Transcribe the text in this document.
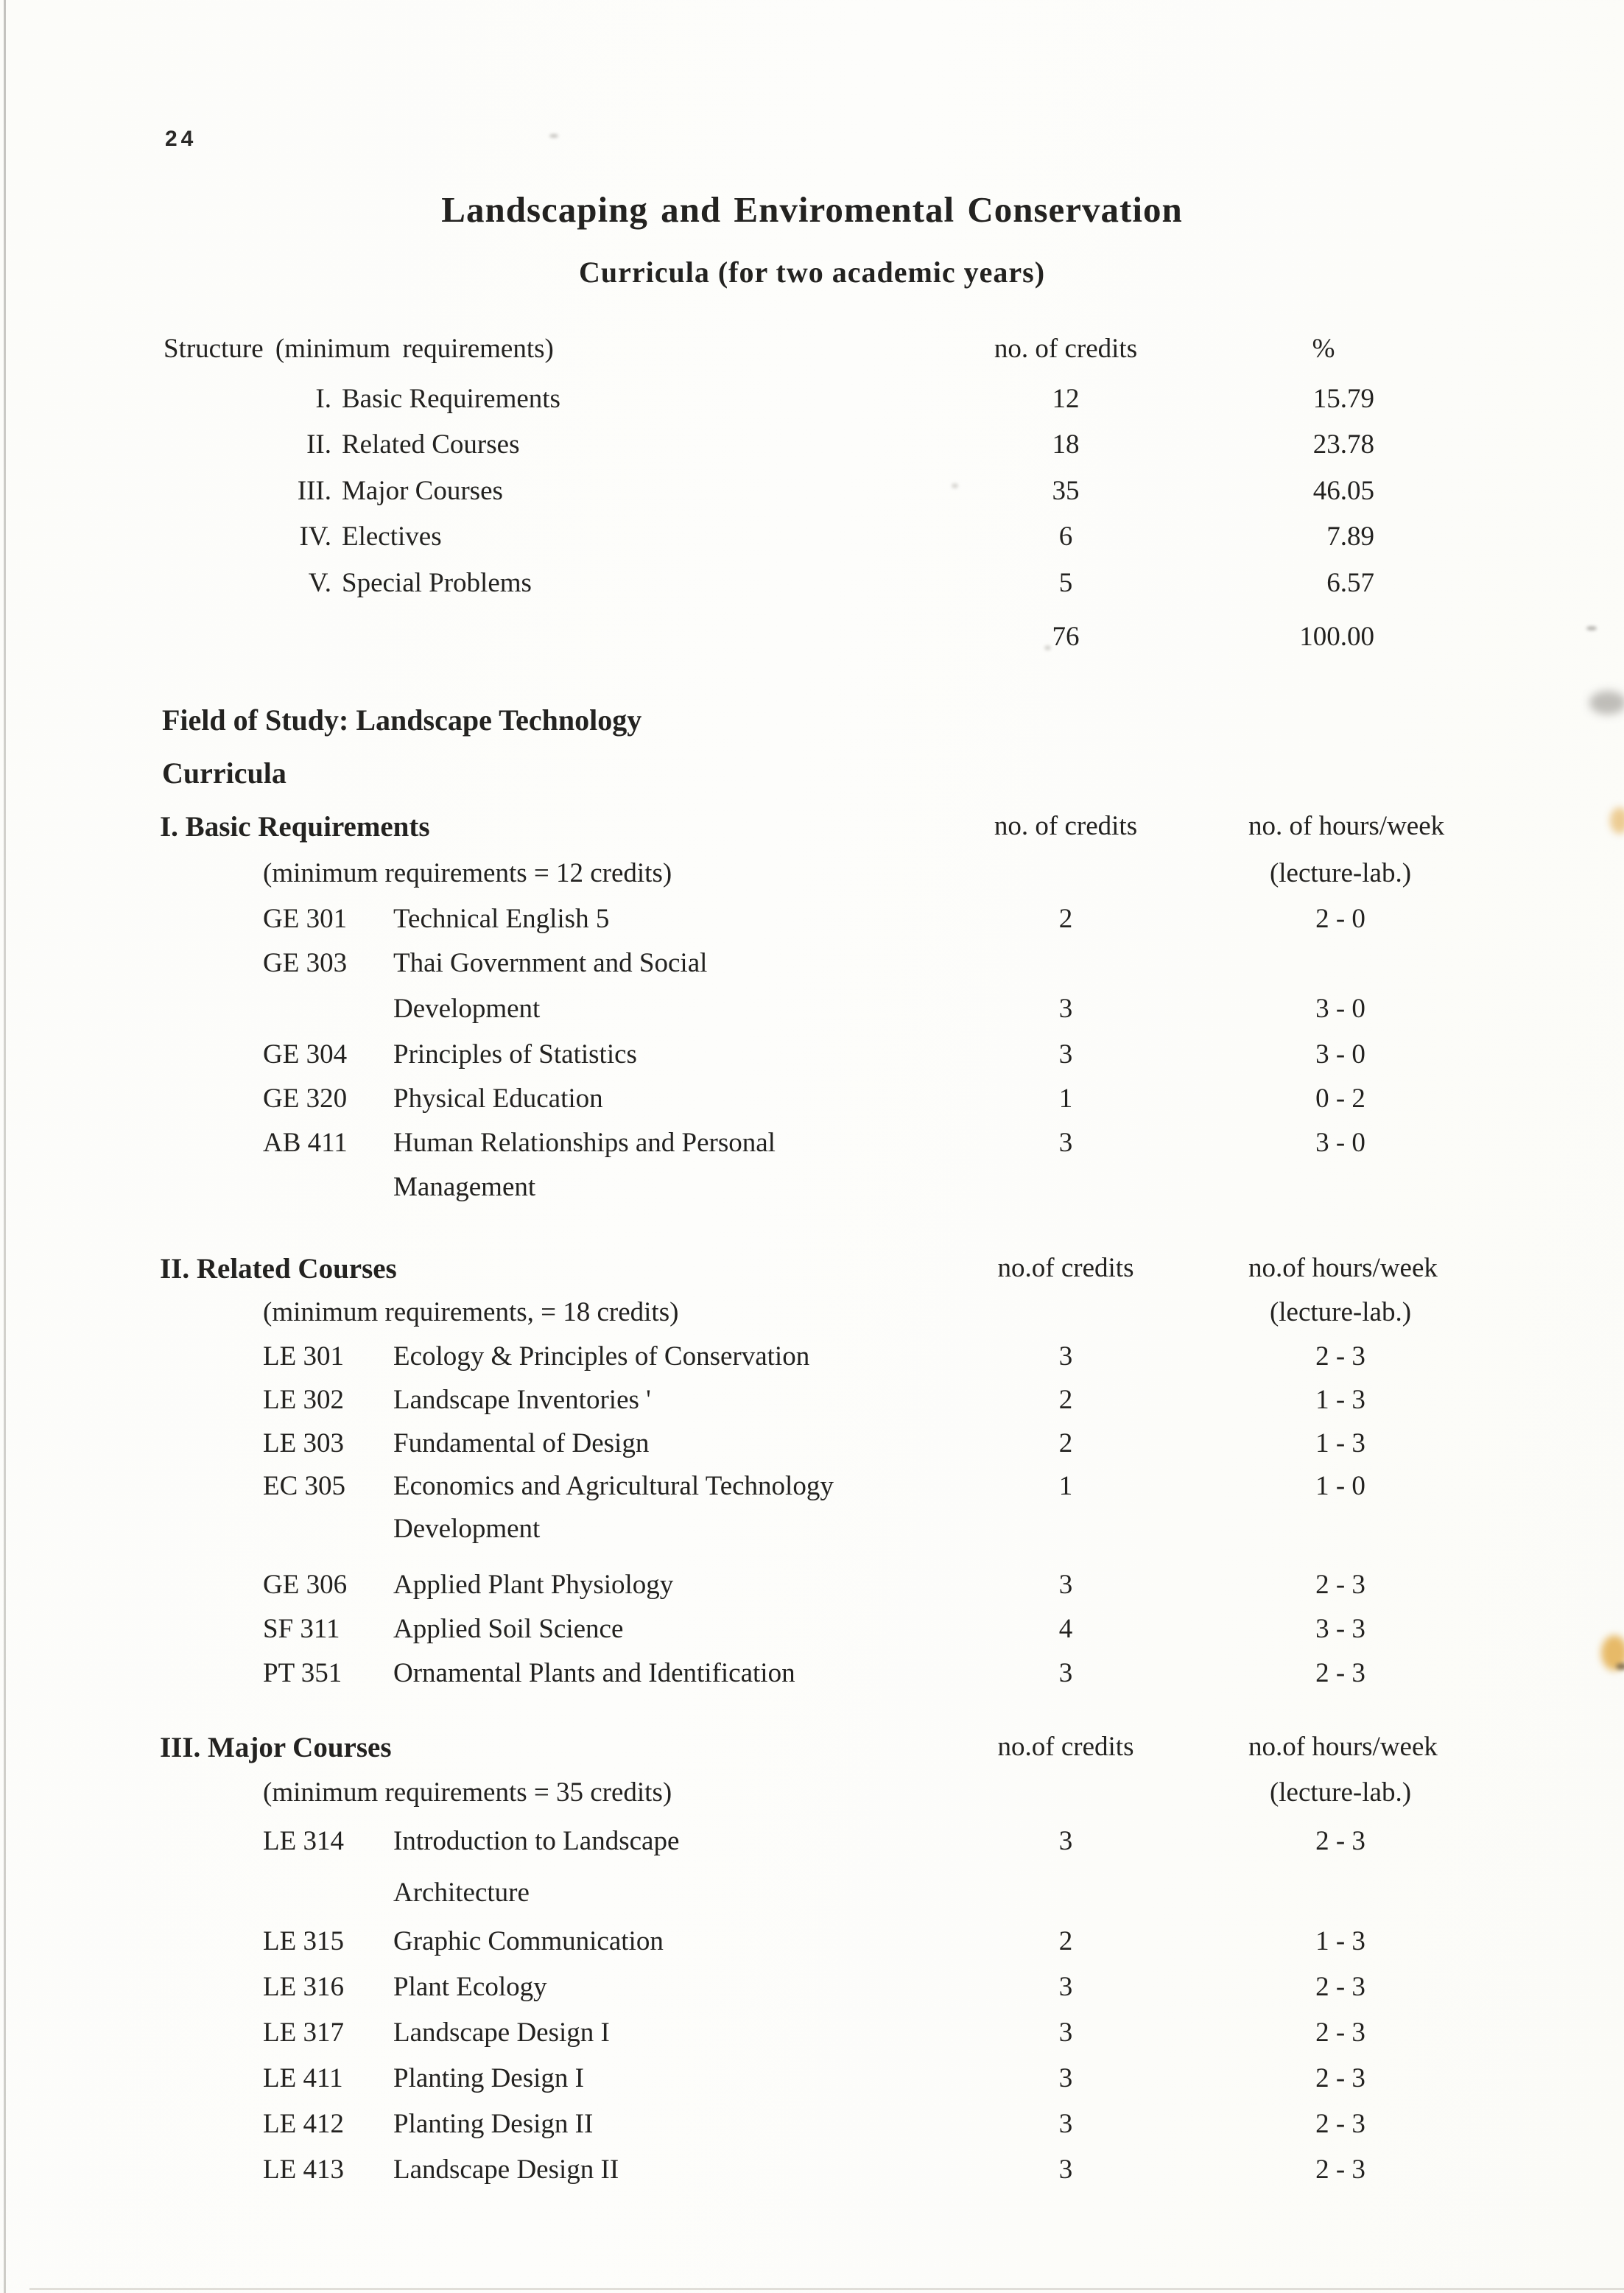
24
Landscaping and Enviromental Conservation
Curricula (for two academic years)
Structure (minimum requirements)	no. of credits	%
I. Basic Requirements	12	15.79
II. Related Courses	18	23.78
III. Major Courses	35	46.05
IV. Electives	6	7.89
V. Special Problems	5	6.57
76	100.00
Field of Study: Landscape Technology
Curricula
I. Basic Requirements	no. of credits	no. of hours/week
(minimum requirements = 12 credits)	(lecture-lab.)
GE 301 Technical English 5	2	2 - 0
GE 303 Thai Government and Social
Development	3	3 - 0
GE 304 Principles of Statistics	3	3 - 0
GE 320 Physical Education	1	0 - 2
AB 411 Human Relationships and Personal	3	3 - 0
Management
II. Related Courses	no.of credits	no.of hours/week
(minimum requirements, = 18 credits)	(lecture-lab.)
LE 301 Ecology & Principles of Conservation	3	2 - 3
LE 302 Landscape Inventories '	2	1 - 3
LE 303 Fundamental of Design	2	1 - 3
EC 305 Economics and Agricultural Technology	1	1 - 0
Development
GE 306 Applied Plant Physiology	3	2 - 3
SF 311 Applied Soil Science	4	3 - 3
PT 351 Ornamental Plants and Identification	3	2 - 3
III. Major Courses	no.of credits	no.of hours/week
(minimum requirements = 35 credits)	(lecture-lab.)
LE 314 Introduction to Landscape	3	2 - 3
Architecture
LE 315 Graphic Communication	2	1 - 3
LE 316 Plant Ecology	3	2 - 3
LE 317 Landscape Design I	3	2 - 3
LE 411 Planting Design I	3	2 - 3
LE 412 Planting Design II	3	2 - 3
LE 413 Landscape Design II	3	2 - 3
